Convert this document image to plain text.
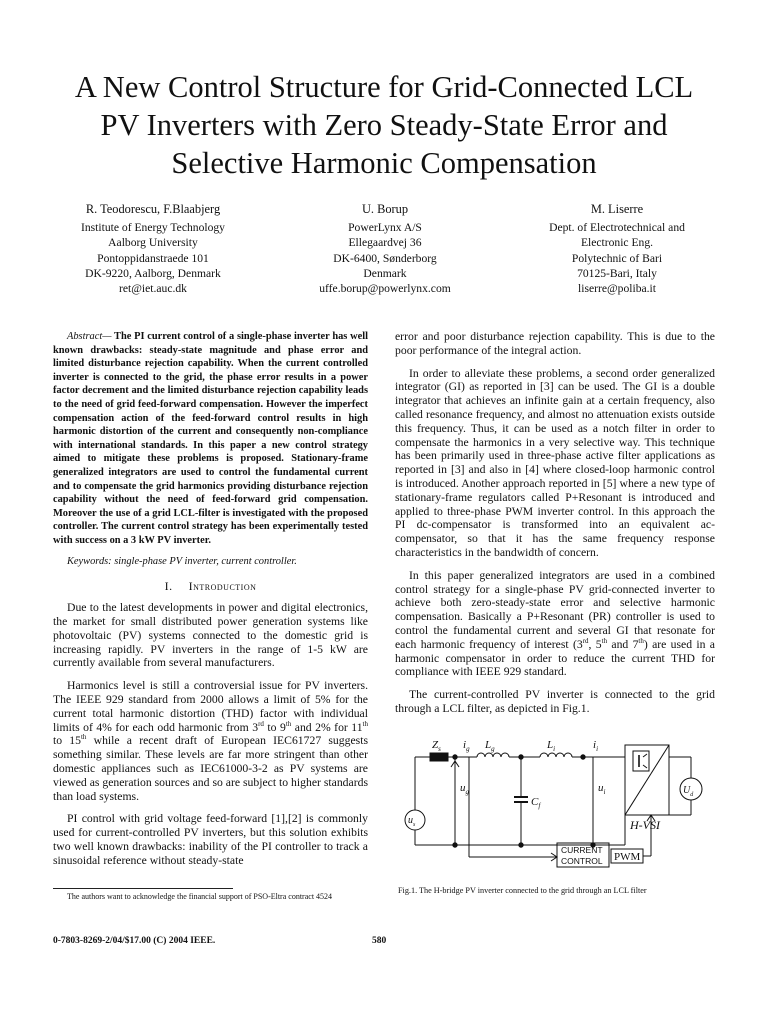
A New Control Structure for Grid-Connected LCL
PV Inverters with Zero Steady-State Error and
Selective Harmonic Compensation
R. Teodorescu, F.Blaabjerg
Institute of Energy Technology
Aalborg University
Pontoppidanstraede 101
DK-9220, Aalborg, Denmark
ret@iet.auc.dk
U. Borup
PowerLynx A/S
Ellegaardvej 36
DK-6400, Sønderborg
Denmark
uffe.borup@powerlynx.com
M. Liserre
Dept. of Electrotechnical and
Electronic Eng.
Polytechnic of Bari
70125-Bari, Italy
liserre@poliba.it
Abstract— The PI current control of a single-phase inverter has well known drawbacks: steady-state magnitude and phase error and limited disturbance rejection capability. When the current controlled inverter is connected to the grid, the phase error results in a power factor decrement and the limited disturbance rejection capability leads to the need of grid feed-forward compensation. However the imperfect compensation action of the feed-forward control results in high harmonic distortion of the current and consequently non-compliance with international standards. In this paper a new control strategy aimed to mitigate these problems is proposed. Stationary-frame generalized integrators are used to control the fundamental current and to compensate the grid harmonics providing disturbance rejection capability without the need of feed-forward grid compensation. Moreover the use of a grid LCL-filter is investigated with the proposed controller. The current control strategy has been experimentally tested with success on a 3 kW PV inverter.
Keywords: single-phase PV inverter, current controller.
I. Introduction

Due to the latest developments in power and digital electronics, the market for small distributed power generation systems like photovoltaic (PV) systems connected to the domestic grid is increasing rapidly. PV inverters in the range of 1-5 kW are currently available from several manufacturers.

Harmonics level is still a controversial issue for PV inverters. The IEEE 929 standard from 2000 allows a limit of 5% for the current total harmonic distortion (THD) factor with individual limits of 4% for each odd harmonic from 3rd to 9th and 2% for 11th to 15th while a recent draft of European IEC61727 suggests something similar. These levels are far more stringent than other domestic appliances such as IEC61000-3-2 as PV systems are viewed as generation sources and so are subject to higher standards than load systems.

PI control with grid voltage feed-forward [1],[2] is commonly used for current-controlled PV inverters, but this solution exhibits two well known drawbacks: inability of the PI controller to track a sinusoidal reference without steady-state

error and poor disturbance rejection capability. This is due to the poor performance of the integral action.

In order to alleviate these problems, a second order generalized integrator (GI) as reported in [3] can be used. The GI is a double integrator that achieves an infinite gain at a certain frequency, also called resonance frequency, and almost no attenuation exists outside this frequency. Thus, it can be used as a notch filter in order to compensate the harmonics in a very selective way. This technique has been primarily used in three-phase active filter applications as reported in [3] and also in [4] where closed-loop harmonic control is introduced. Another approach reported in [5] where a new type of stationary-frame regulators called P+Resonant is introduced and applied to three-phase PWM inverter control. In this approach the PI dc-compensator is transformed into an equivalent ac-compensator, so that it has the same frequency response characteristics in the bandwidth of concern.

In this paper generalized integrators are used in a combined control strategy for a single-phase PV grid-connected inverter to achieve both zero-steady-state error and selective harmonic compensation. Basically a P+Resonant (PR) controller is used to control the fundamental current and several GI that resonate for each harmonic frequency of interest (3rd, 5th and 7th) are used in a harmonic compensator in order to reduce the current THD for compliance with IEEE 929 standard.

The current-controlled PV inverter is connected to the grid through a LCL filter, as depicted in Fig.1.

$Z_s$ $i_g$ $L_g$	$L_i$	$i_i$
$C_f$
$u_s$
$u_g$	$u_i$	$U_d$
H-VSI
CURRENT
CONTROL PWM
Fig.1. The H-bridge PV inverter connected to the grid through an LCL filter
The authors want to acknowledge the financial support of PSO-Eltra contract 4524
0-7803-8269-2/04/$17.00 (C) 2004 IEEE.	580
